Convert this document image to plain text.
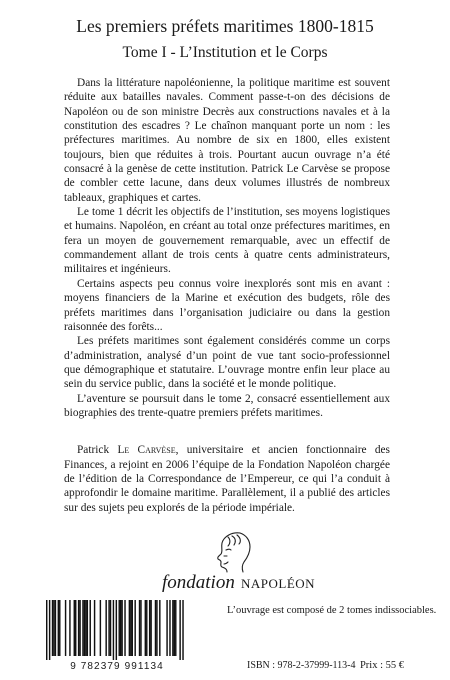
Les premiers préfets maritimes 1800-1815
Tome I - L’Institution et le Corps

Dans la littérature napoléonienne, la politique maritime est souvent réduite aux batailles navales. Comment passe-t-on des décisions de Napoléon ou de son ministre Decrès aux constructions navales et à la constitution des escadres ? Le chaînon manquant porte un nom : les préfectures maritimes. Au nombre de six en 1800, elles existent toujours, bien que réduites à trois. Pourtant aucun ouvrage n’a été consacré à la genèse de cette institution. Patrick Le Carvèse se propose de combler cette lacune, dans deux volumes illustrés de nombreux tableaux, graphiques et cartes.

Le tome 1 décrit les objectifs de l’institution, ses moyens logistiques et humains. Napoléon, en créant au total onze préfectures maritimes, en fera un moyen de gouvernement remarquable, avec un effectif de commandement allant de trois cents à quatre cents administrateurs, militaires et ingénieurs.

Certains aspects peu connus voire inexplorés sont mis en avant : moyens financiers de la Marine et exécution des budgets, rôle des préfets maritimes dans l’organisation judiciaire ou dans la gestion raisonnée des forêts...

Les préfets maritimes sont également considérés comme un corps d’administration, analysé d’un point de vue tant socio-professionnel que démographique et statutaire. L’ouvrage montre enfin leur place au sein du service public, dans la société et le monde politique.

L’aventure se poursuit dans le tome 2, consacré essentiellement aux biographies des trente-quatre premiers préfets maritimes.

Patrick Le Carvèse, universitaire et ancien fonctionnaire des Finances, a rejoint en 2006 l’équipe de la Fondation Napoléon chargée de l’édition de la Correspondance de l’Empereur, ce qui l’a conduit à approfondir le domaine maritime. Parallèlement, il a publié des articles sur des sujets peu explorés de la période impériale.

fondation NAPOLÉON
9 782379 991134
L’ouvrage est composé de 2 tomes indissociables.
ISBN : 978-2-37999-113-4 Prix : 55 €
